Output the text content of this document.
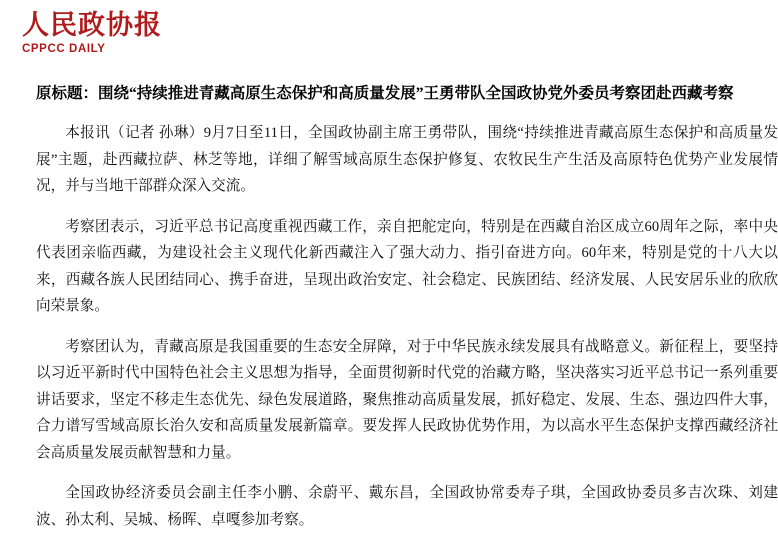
人民政协报
CPPCC DAILY
原标题：围绕“持续推进青藏高原生态保护和高质量发展”王勇带队全国政协党外委员考察团赴西藏考察

本报讯（记者 孙琳）9月7日至11日，全国政协副主席王勇带队，围绕“持续推进青藏高原生态保护和高质量发展”主题，赴西藏拉萨、林芝等地，详细了解雪域高原生态保护修复、农牧民生产生活及高原特色优势产业发展情况，并与当地干部群众深入交流。

考察团表示，习近平总书记高度重视西藏工作，亲自把舵定向，特别是在西藏自治区成立60周年之际，率中央代表团亲临西藏，为建设社会主义现代化新西藏注入了强大动力、指引奋进方向。60年来，特别是党的十八大以来，西藏各族人民团结同心、携手奋进，呈现出政治安定、社会稳定、民族团结、经济发展、人民安居乐业的欣欣向荣景象。

考察团认为，青藏高原是我国重要的生态安全屏障，对于中华民族永续发展具有战略意义。新征程上，要坚持以习近平新时代中国特色社会主义思想为指导，全面贯彻新时代党的治藏方略，坚决落实习近平总书记一系列重要讲话要求，坚定不移走生态优先、绿色发展道路，聚焦推动高质量发展，抓好稳定、发展、生态、强边四件大事，合力谱写雪域高原长治久安和高质量发展新篇章。要发挥人民政协优势作用，为以高水平生态保护支撑西藏经济社会高质量发展贡献智慧和力量。

全国政协经济委员会副主任李小鹏、余蔚平、戴东昌，全国政协常委寿子琪，全国政协委员多吉次珠、刘建波、孙太利、吴城、杨晖、卓嘎参加考察。
